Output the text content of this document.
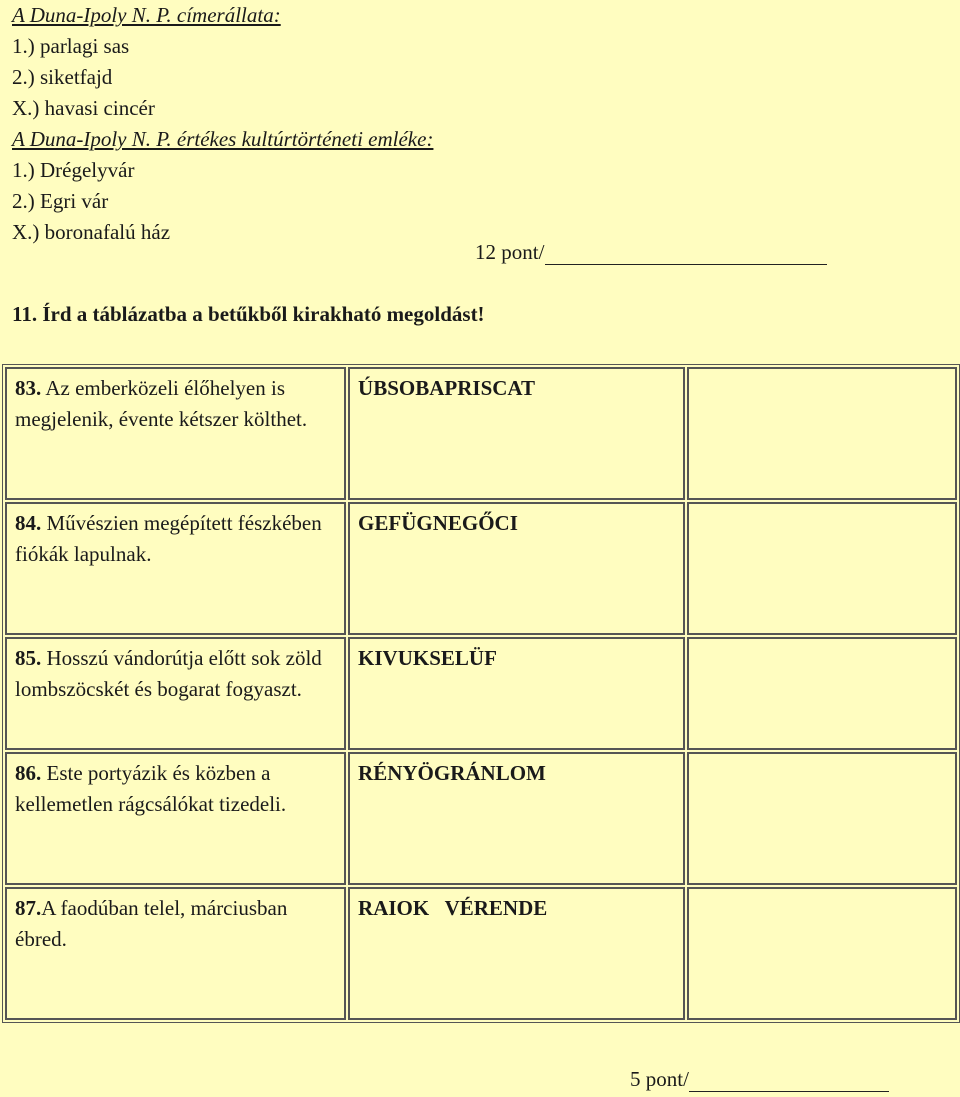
A Duna-Ipoly N. P. címerállata:
1.) parlagi sas
2.) siketfajd
X.) havasi cincér
A Duna-Ipoly N. P. értékes kultúrtörténeti emléke:
1.) Drégelyvár
2.) Egri vár
X.) boronafalú ház
12 pont/
11. Írd a táblázatba a betűkből kirakható megoldást!
83. Az emberközeli élőhelyen is megjelenik, évente kétszer költhet.	ÚBSOBAPRISCAT	
84. Művészien megépített fészkében fiókák lapulnak.	GEFÜGNEGŐCI	
85. Hosszú vándorútja előtt sok zöld lombszöcskét és bogarat fogyaszt.	KIVUKSELÜF	
86. Este portyázik és közben a kellemetlen rágcsálókat tizedeli.	RÉNYÖGRÁNLOM	
87.A faodúban telel, márciusban ébred.	RAIOK   VÉRENDE	
5 pont/
